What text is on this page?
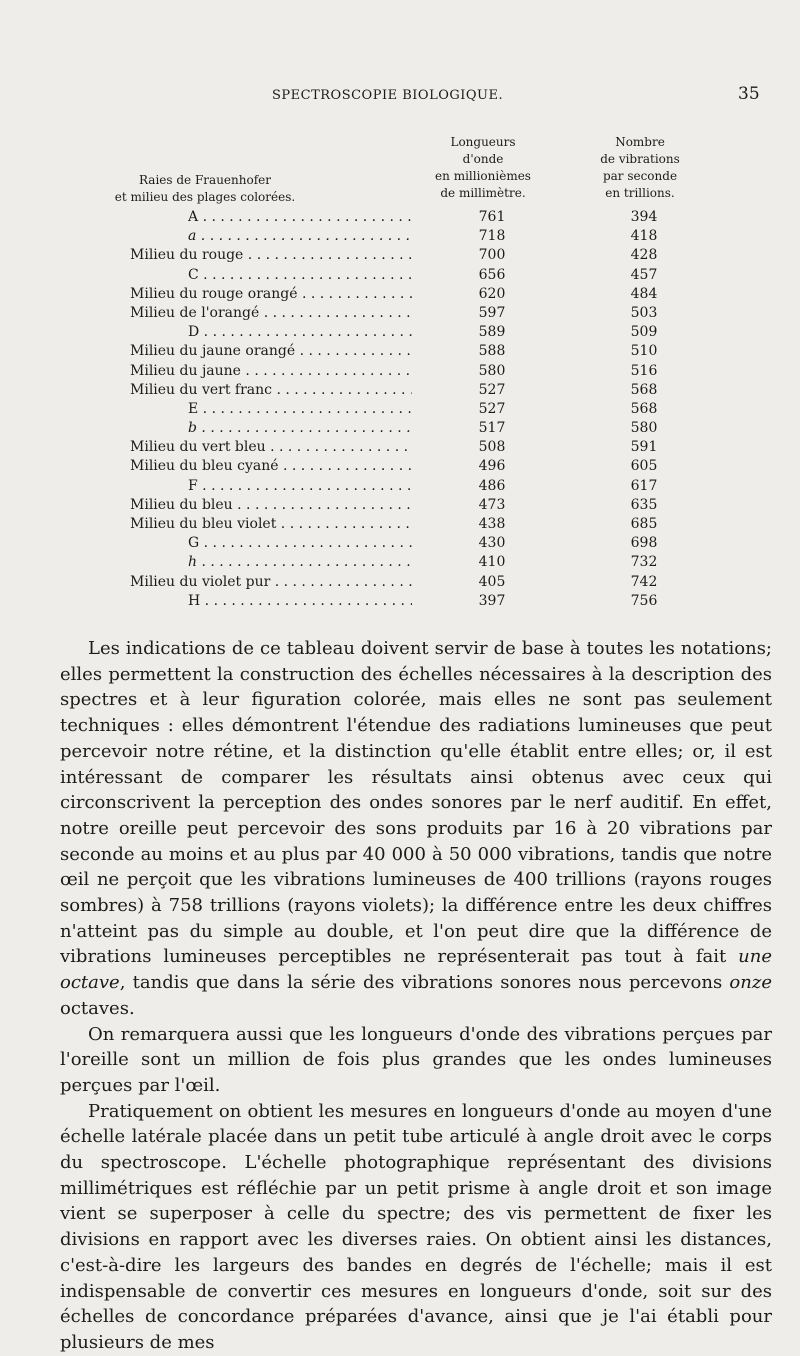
SPECTROSCOPIE BIOLOGIQUE.	35
Raies de Frauenhofer
et milieu des plages colorées.
Longueurs
d'onde
en millionièmes
de millimètre.
Nombre
de vibrations
par seconde
en trillions.
A . . .	761	394
a . . .	718	418
Milieu du rouge . . .	700	428
C . . .	656	457
Milieu du rouge orangé . . .	620	484
Milieu de l'orangé . . .	597	503
D . . .	589	509
Milieu du jaune orangé . . .	588	510
Milieu du jaune . . .	580	516
Milieu du vert franc . . .	527	568
E . . .	527	568
b . . .	517	580
Milieu du vert bleu . . .	508	591
Milieu du bleu cyané . . .	496	605
F . . .	486	617
Milieu du bleu . . .	473	635
Milieu du bleu violet . . .	438	685
G . . .	430	698
h . . .	410	732
Milieu du violet pur . . .	405	742
H . . .	397	756

Les indications de ce tableau doivent servir de base à toutes les notations; elles permettent la construction des échelles nécessaires à la description des spectres et à leur figuration colorée, mais elles ne sont pas seulement techniques : elles démontrent l'étendue des radiations lumineuses que peut percevoir notre rétine, et la distinction qu'elle établit entre elles; or, il est intéressant de comparer les résultats ainsi obtenus avec ceux qui circonscrivent la perception des ondes sonores par le nerf auditif. En effet, notre oreille peut percevoir des sons produits par 16 à 20 vibrations par seconde au moins et au plus par 40 000 à 50 000 vibrations, tandis que notre œil ne perçoit que les vibrations lumineuses de 400 trillions (rayons rouges sombres) à 758 trillions (rayons violets); la différence entre les deux chiffres n'atteint pas du simple au double, et l'on peut dire que la différence de vibrations lumineuses perceptibles ne représenterait pas tout à fait une octave, tandis que dans la série des vibrations sonores nous percevons onze octaves.

On remarquera aussi que les longueurs d'onde des vibrations perçues par l'oreille sont un million de fois plus grandes que les ondes lumineuses perçues par l'œil.

Pratiquement on obtient les mesures en longueurs d'onde au moyen d'une échelle latérale placée dans un petit tube articulé à angle droit avec le corps du spectroscope. L'échelle photographique représentant des divisions millimétriques est réfléchie par un petit prisme à angle droit et son image vient se superposer à celle du spectre; des vis permettent de fixer les divisions en rapport avec les diverses raies. On obtient ainsi les distances, c'est-à-dire les largeurs des bandes en degrés de l'échelle; mais il est indispensable de convertir ces mesures en longueurs d'onde, soit sur des échelles de concordance préparées d'avance, ainsi que je l'ai établi pour plusieurs de mes
